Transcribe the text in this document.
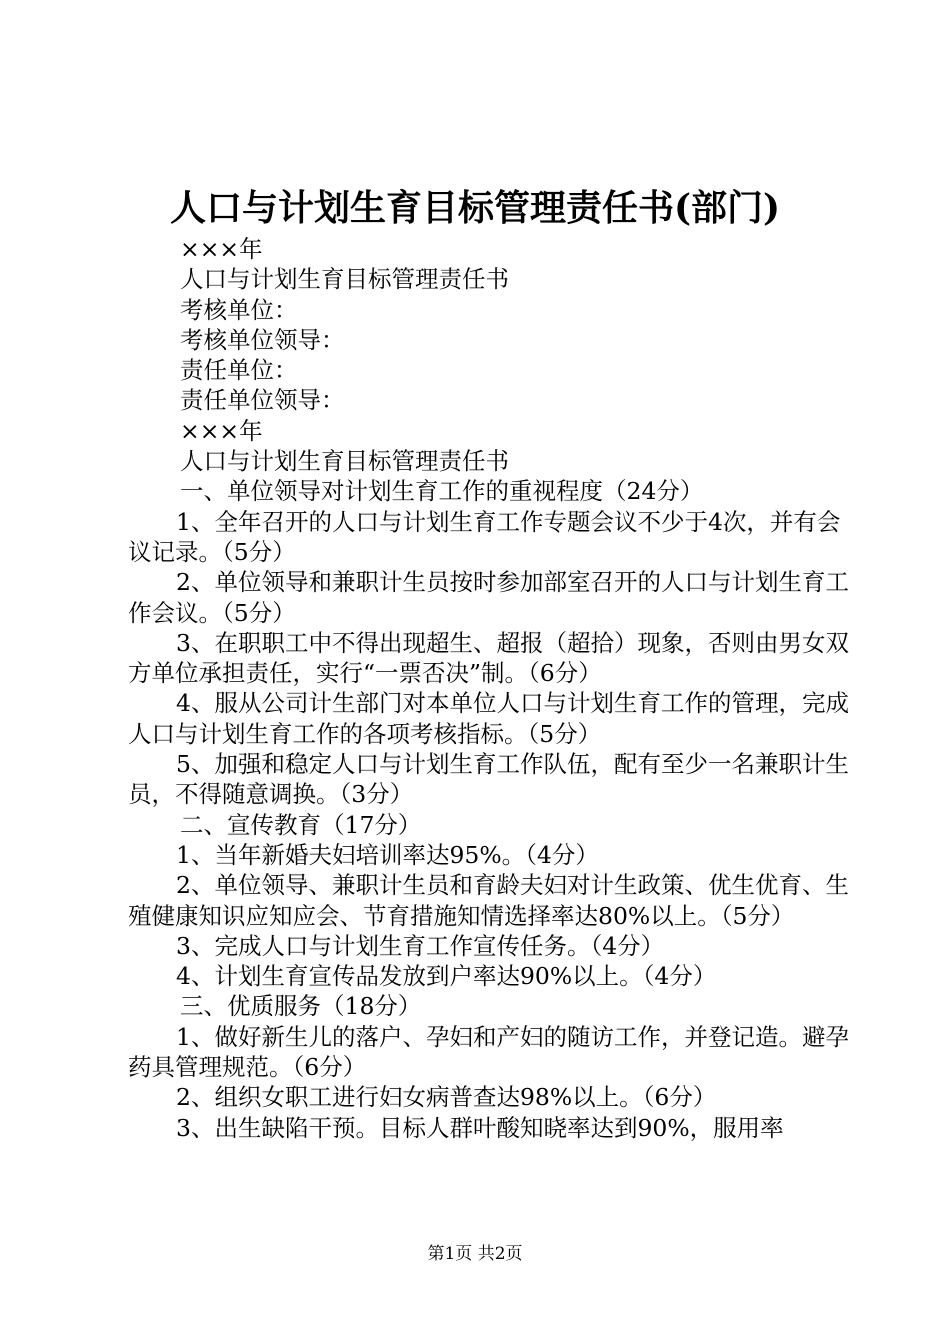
人口与计划生育目标管理责任书(部门)

×××年

人口与计划生育目标管理责任书

考核单位：

考核单位领导：

责任单位：

责任单位领导：

×××年

人口与计划生育目标管理责任书

一、单位领导对计划生育工作的重视程度（24分）

1、全年召开的人口与计划生育工作专题会议不少于4次，并有会议记录。（5分）

2、单位领导和兼职计生员按时参加部室召开的人口与计划生育工作会议。（5分）

3、在职职工中不得出现超生、超报（超拾）现象，否则由男女双方单位承担责任，实行“一票否决”制。（6分）

4、服从公司计生部门对本单位人口与计划生育工作的管理，完成人口与计划生育工作的各项考核指标。（5分）

5、加强和稳定人口与计划生育工作队伍，配有至少一名兼职计生员，不得随意调换。（3分）

二、宣传教育（17分）

1、当年新婚夫妇培训率达95%。（4分）

2、单位领导、兼职计生员和育龄夫妇对计生政策、优生优育、生殖健康知识应知应会、节育措施知情选择率达80%以上。（5分）

3、完成人口与计划生育工作宣传任务。（4分）

4、计划生育宣传品发放到户率达90%以上。（4分）

三、优质服务（18分）

1、做好新生儿的落户、孕妇和产妇的随访工作，并登记造。避孕药具管理规范。（6分）

2、组织女职工进行妇女病普查达98%以上。（6分）

3、出生缺陷干预。目标人群叶酸知晓率达到90%，服用率

第1页 共2页
